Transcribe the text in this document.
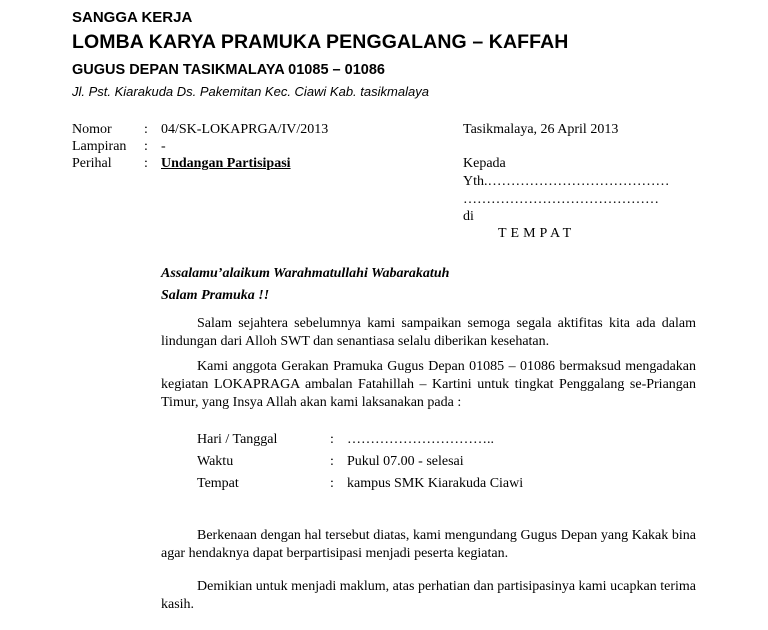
SANGGA KERJA
LOMBA KARYA PRAMUKA PENGGALANG – KAFFAH
GUGUS DEPAN TASIKMALAYA 01085 – 01086
Jl. Pst. Kiarakuda Ds. Pakemitan Kec. Ciawi Kab. tasikmalaya
Nomor : 04/SK-LOKAPRGA/IV/2013
Lampiran : -
Perihal : Undangan Partisipasi
Tasikmalaya, 26 April 2013
Kepada
Yth.…………………………………
……………………………………
di
TEMPAT
Assalamu’alaikum Warahmatullahi Wabarakatuh
Salam Pramuka !!

Salam sejahtera sebelumnya kami sampaikan semoga segala aktifitas kita ada dalam lindungan dari Alloh SWT dan senantiasa selalu diberikan kesehatan.

Kami anggota Gerakan Pramuka Gugus Depan 01085 – 01086 bermaksud mengadakan kegiatan LOKAPRAGA ambalan Fatahillah – Kartini untuk tingkat Penggalang se-Priangan Timur, yang Insya Allah akan kami laksanakan pada :

Hari / Tanggal	: …………………………..
Waktu	: Pukul 07.00 - selesai
Tempat	: kampus SMK Kiarakuda Ciawi

Berkenaan dengan hal tersebut diatas, kami mengundang Gugus Depan yang Kakak bina agar hendaknya dapat berpartisipasi menjadi peserta kegiatan.

Demikian untuk menjadi maklum, atas perhatian dan partisipasinya kami ucapkan terima kasih.
